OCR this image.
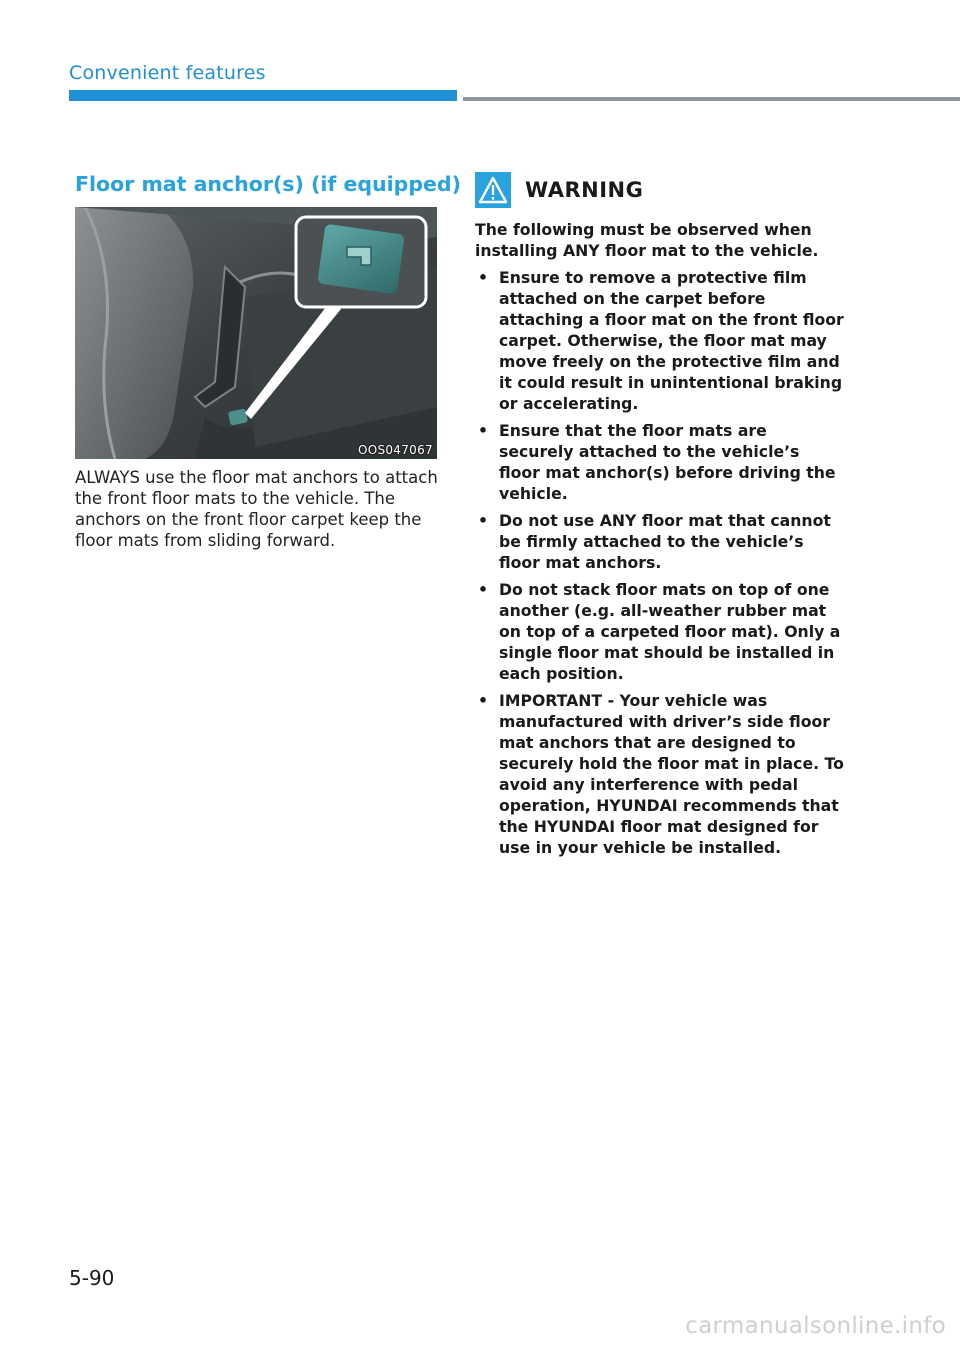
Convenient features
Floor mat anchor(s) (if equipped)
OOS047067
ALWAYS use the floor mat anchors to attach the front floor mats to the vehicle. The anchors on the front floor carpet keep the floor mats from sliding forward.
WARNING

The following must be observed when installing ANY floor mat to the vehicle.

• Ensure to remove a protective film attached on the carpet before attaching a floor mat on the front floor carpet. Otherwise, the floor mat may move freely on the protective film and it could result in unintentional braking or accelerating.
• Ensure that the floor mats are securely attached to the vehicle’s floor mat anchor(s) before driving the vehicle.
• Do not use ANY floor mat that cannot be firmly attached to the vehicle’s floor mat anchors.
• Do not stack floor mats on top of one another (e.g. all-weather rubber mat on top of a carpeted floor mat). Only a single floor mat should be installed in each position.
• IMPORTANT - Your vehicle was manufactured with driver’s side floor mat anchors that are designed to securely hold the floor mat in place. To avoid any interference with pedal operation, HYUNDAI recommends that the HYUNDAI floor mat designed for use in your vehicle be installed.
5-90
carmanualsonline.info
